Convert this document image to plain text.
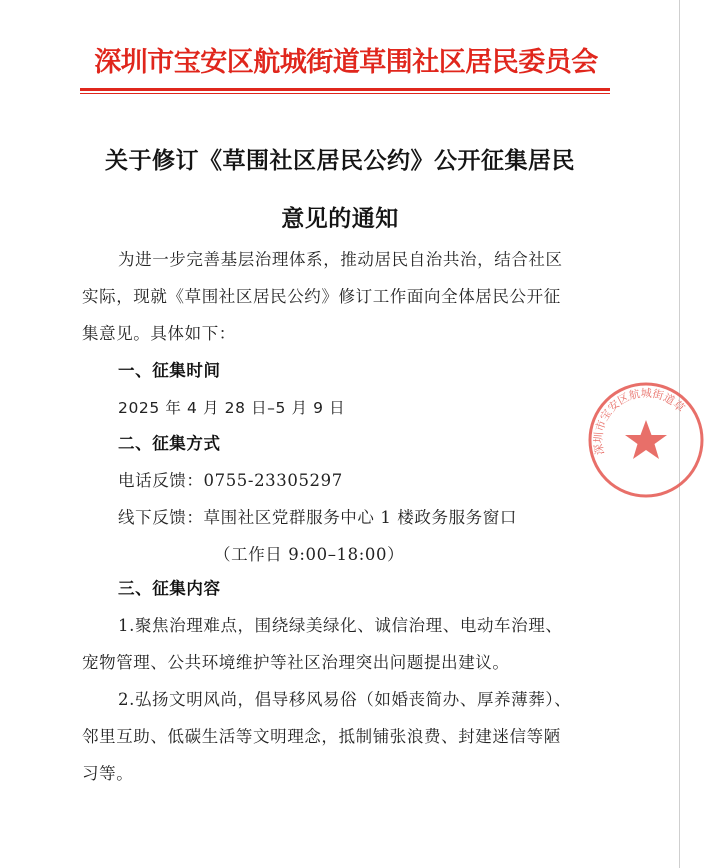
深圳市宝安区航城街道草围社区居民委员会
关于修订《草围社区居民公约》公开征集居民
意见的通知
为进一步完善基层治理体系，推动居民自治共治，结合社区
实际，现就《草围社区居民公约》修订工作面向全体居民公开征
集意见。具体如下：
一、征集时间
2025 年 4 月 28 日–5 月 9 日
二、征集方式
电话反馈：0755-23305297
线下反馈：草围社区党群服务中心 1 楼政务服务窗口
（工作日 9:00–18:00）
三、征集内容
1.聚焦治理难点，围绕绿美绿化、诚信治理、电动车治理、
宠物管理、公共环境维护等社区治理突出问题提出建议。
2.弘扬文明风尚，倡导移风易俗（如婚丧简办、厚养薄葬）、
邻里互助、低碳生活等文明理念，抵制铺张浪费、封建迷信等陋
习等。
深圳市宝安区航城街道草
